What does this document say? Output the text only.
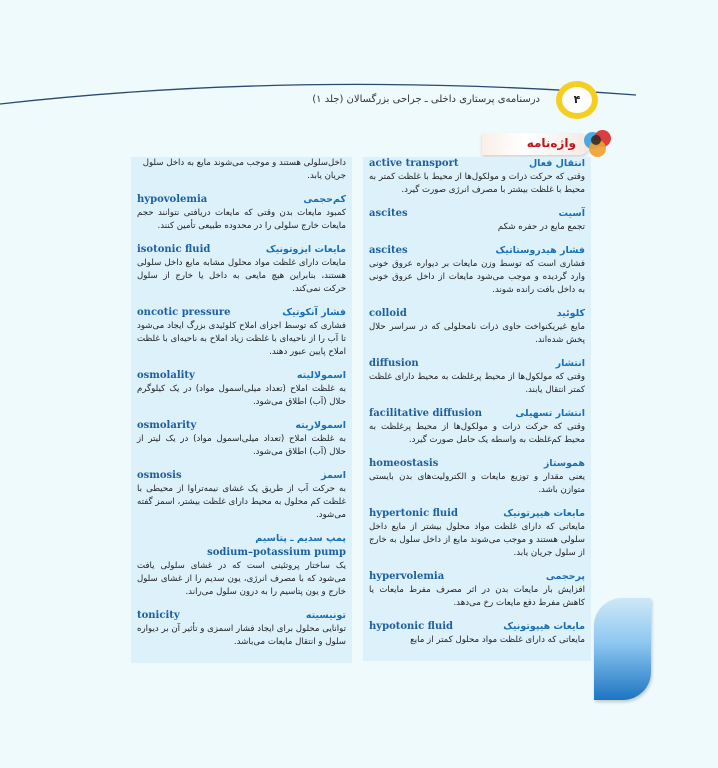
درسنامه‌ی پرستاری داخلی ـ جراحی بزرگسالان (جلد ۱)	۴
واژه‌نامه
انتقال فعال
active transport
وقتی که حرکت ذرات و مولکول‌ها از محیط با غلظت کمتر به محیط با غلظت بیشتر با مصرف انرژی صورت گیرد.
آسیت
ascites
تجمع مایع در حفره شکم
فشار هیدروستاتیک
ascites
فشاری است که توسط وزن مایعات بر دیواره عروق خونی وارد گردیده و موجب می‌شود مایعات از داخل عروق خونی به داخل بافت رانده شوند.
کلوئید
colloid
مایع غیریکنواخت حاوی ذرات نامحلولی که در سراسر حلال پخش شده‌اند.
انتشار
diffusion
وقتی که مولکول‌ها از محیط پرغلظت به محیط دارای غلظت کمتر انتقال یابند.
انتشار تسهیلی
facilitative diffusion
وقتی که حرکت ذرات و مولکول‌ها از محیط پرغلظت به محیط کم‌غلظت به واسطه یک حامل صورت گیرد.
هموستاز
homeostasis
یعنی مقدار و توزیع مایعات و الکترولیت‌های بدن بایستی متوازن باشد.
مایعات هیپرتونیک
hypertonic fluid
مایعاتی که دارای غلظت مواد محلول بیشتر از مایع داخل سلولی هستند و موجب می‌شوند مایع از داخل سلول به خارج از سلول جریان یابد.
پرحجمی
hypervolemia
افزایش بار مایعات بدن در اثر مصرف مفرط مایعات یا کاهش مفرط دفع مایعات رخ می‌دهد.
مایعات هیپوتونیک
hypotonic fluid
مایعاتی که دارای غلظت مواد محلول کمتر از مایع
داخل‌سلولی هستند و موجب می‌شوند مایع به داخل سلول جریان یابد.
کم‌حجمی
hypovolemia
کمبود مایعات بدن وقتی که مایعات دریافتی نتوانند حجم مایعات خارج سلولی را در محدوده طبیعی تأمین کنند.
مایعات ایزوتونیک
isotonic fluid
مایعات دارای غلظت مواد محلول مشابه مایع داخل سلولی هستند، بنابراین هیچ مایعی به داخل یا خارج از سلول حرکت نمی‌کند.
فشار آنکوتیک
oncotic pressure
فشاری که توسط اجزای املاح کلوئیدی بزرگ ایجاد می‌شود تا آب را از ناحیه‌ای با غلظت زیاد املاح به ناحیه‌ای با غلظت املاح پایین عبور دهند.
اسمولالیته
osmolality
به غلظت املاح (تعداد میلی‌اسمول مواد) در یک کیلوگرم حلال (آب) اطلاق می‌شود.
اسمولاریته
osmolarity
به غلظت املاح (تعداد میلی‌اسمول مواد) در یک لیتر از حلال (آب) اطلاق می‌شود.
اسمز
osmosis
به حرکت آب از طریق یک غشای نیمه‌تراوا از محیطی با غلظت کم محلول به محیط دارای غلظت بیشتر، اسمز گفته می‌شود.
پمپ سدیم ـ پتاسیم
sodium–potassium pump
یک ساختار پروتئینی است که در غشای سلولی یافت می‌شود که با مصرف انرژی، یون سدیم را از غشای سلول خارج و یون پتاسیم را به درون سلول می‌راند.
تونیسیته
tonicity
توانایی محلول برای ایجاد فشار اسمزی و تأثیر آن بر دیواره سلول و انتقال مایعات می‌باشد.
